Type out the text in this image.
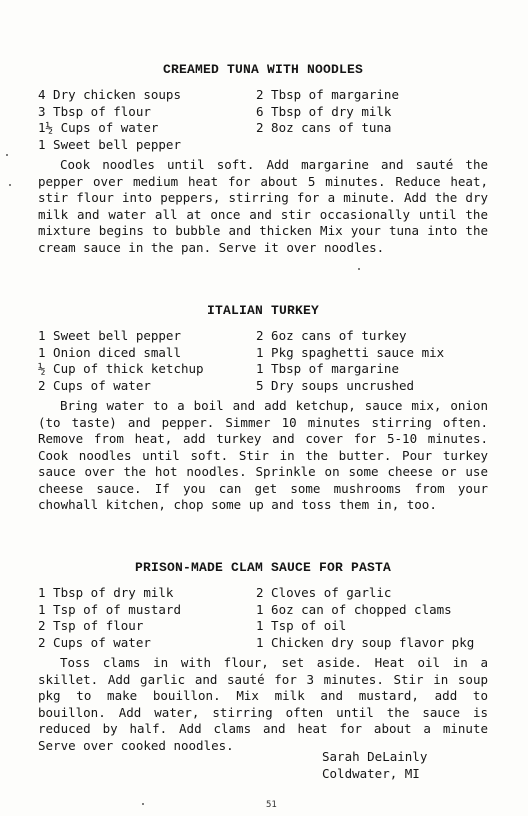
CREAMED TUNA WITH NOODLES
4 Dry chicken soups
3 Tbsp of flour
1½ Cups of water
1 Sweet bell pepper
2 Tbsp of margarine
6 Tbsp of dry milk
2 8oz cans of tuna
Cook noodles until soft. Add margarine and sauté the pepper over medium heat for about 5 minutes. Reduce heat, stir flour into peppers, stirring for a minute. Add the dry milk and water all at once and stir occasionally until the mixture begins to bubble and thicken Mix your tuna into the cream sauce in the pan. Serve it over noodles.
ITALIAN TURKEY
1 Sweet bell pepper
1 Onion diced small
½ Cup of thick ketchup
2 Cups of water
2 6oz cans of turkey
1 Pkg spaghetti sauce mix
1 Tbsp of margarine
5 Dry soups uncrushed
Bring water to a boil and add ketchup, sauce mix, onion (to taste) and pepper. Simmer 10 minutes stirring often. Remove from heat, add turkey and cover for 5-10 minutes. Cook noodles until soft. Stir in the butter. Pour turkey sauce over the hot noodles. Sprinkle on some cheese or use cheese sauce. If you can get some mushrooms from your chowhall kitchen, chop some up and toss them in, too.
PRISON-MADE CLAM SAUCE FOR PASTA
1 Tbsp of dry milk
1 Tsp of of mustard
2 Tsp of flour
2 Cups of water
2 Cloves of garlic
1 6oz can of chopped clams
1 Tsp of oil
1 Chicken dry soup flavor pkg
Toss clams in with flour, set aside. Heat oil in a skillet. Add garlic and sauté for 3 minutes. Stir in soup pkg to make bouillon. Mix milk and mustard, add to bouillon. Add water, stirring often until the sauce is reduced by half. Add clams and heat for about a minute Serve over cooked noodles.
Sarah DeLainly
Coldwater, MI
51
